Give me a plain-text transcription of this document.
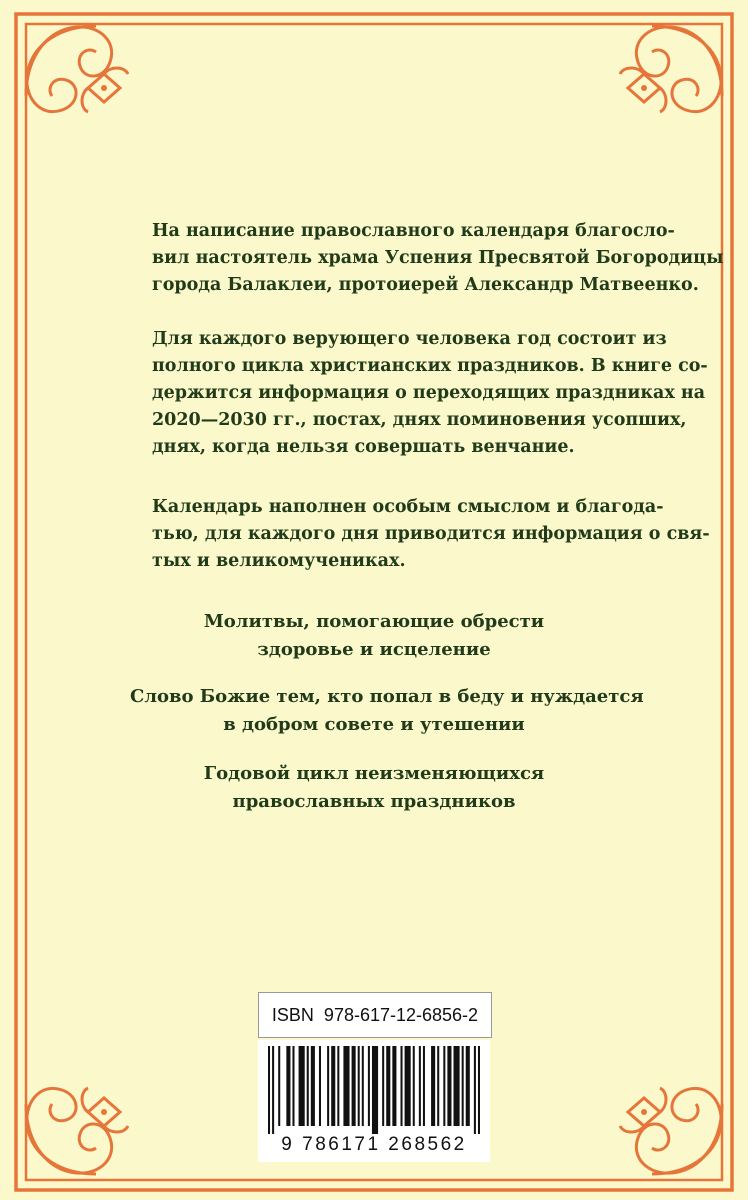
На написание православного календаря благосло-
вил настоятель храма Успения Пресвятой Богородицы
города Балаклеи, протоиерей Александр Матвеенко.

Для каждого верующего человека год состоит из
полного цикла христианских праздников. В книге со-
держится информация о переходящих праздниках на
2020—2030 гг., постах, днях поминовения усопших,
днях, когда нельзя совершать венчание.

Календарь наполнен особым смыслом и благода-
тью, для каждого дня приводится информация о свя-
тых и великомучениках.

Молитвы, помогающие обрести
здоровье и исцеление
Слово Божие тем, кто попал в беду и нуждается
в добром совете и утешении
Годовой цикл неизменяющихся
православных праздников
ISBN  978-617-12-6856-2
9 786171 268562
